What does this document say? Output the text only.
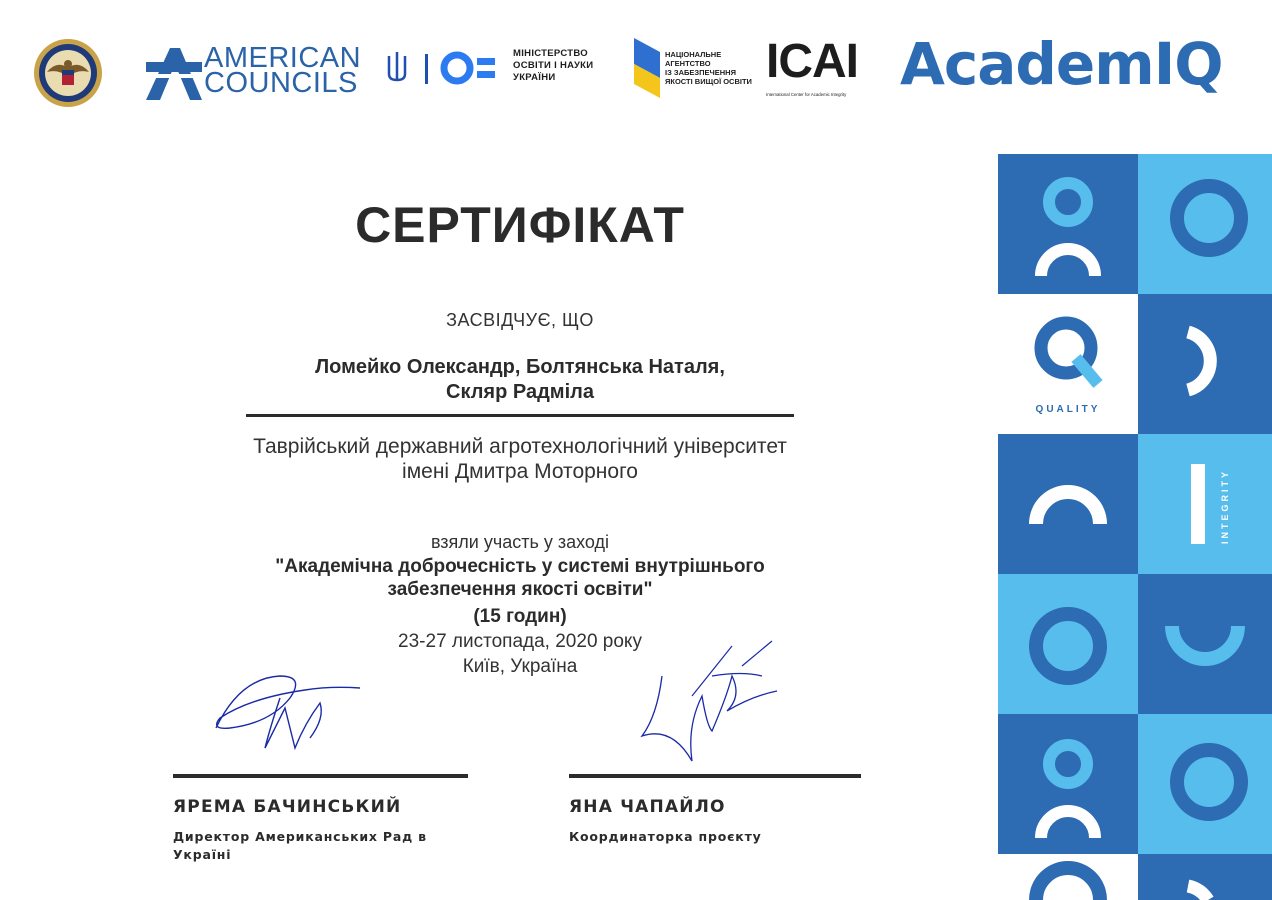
AMERICAN
COUNCILS
МІНІСТЕРСТВО
ОСВІТИ І НАУКИ
УКРАЇНИ
НАЦІОНАЛЬНЕ
АГЕНТСТВО
ІЗ ЗАБЕЗПЕЧЕННЯ
ЯКОСТІ ВИЩОЇ ОСВІТИ ICAI
International Center for Academic Integrity AcademIQ
QUALITY
INTEGRITY
СЕРТИФІКАТ
ЗАСВІДЧУЄ, ЩО
Ломейко Олександр, Болтянська Наталя,
Скляр Радміла
Таврійський державний агротехнологічний університет
імені Дмитра Моторного
взяли участь у заході
"Академічна доброчесність у системі внутрішнього
забезпечення якості освіти"
(15 годин)
23-27 листопада, 2020 року
Київ, Україна
ЯРЕМА БАЧИНСЬКИЙ
Директор Американських Рад в
Україні
ЯНА ЧАПАЙЛО
Координаторка проєкту
